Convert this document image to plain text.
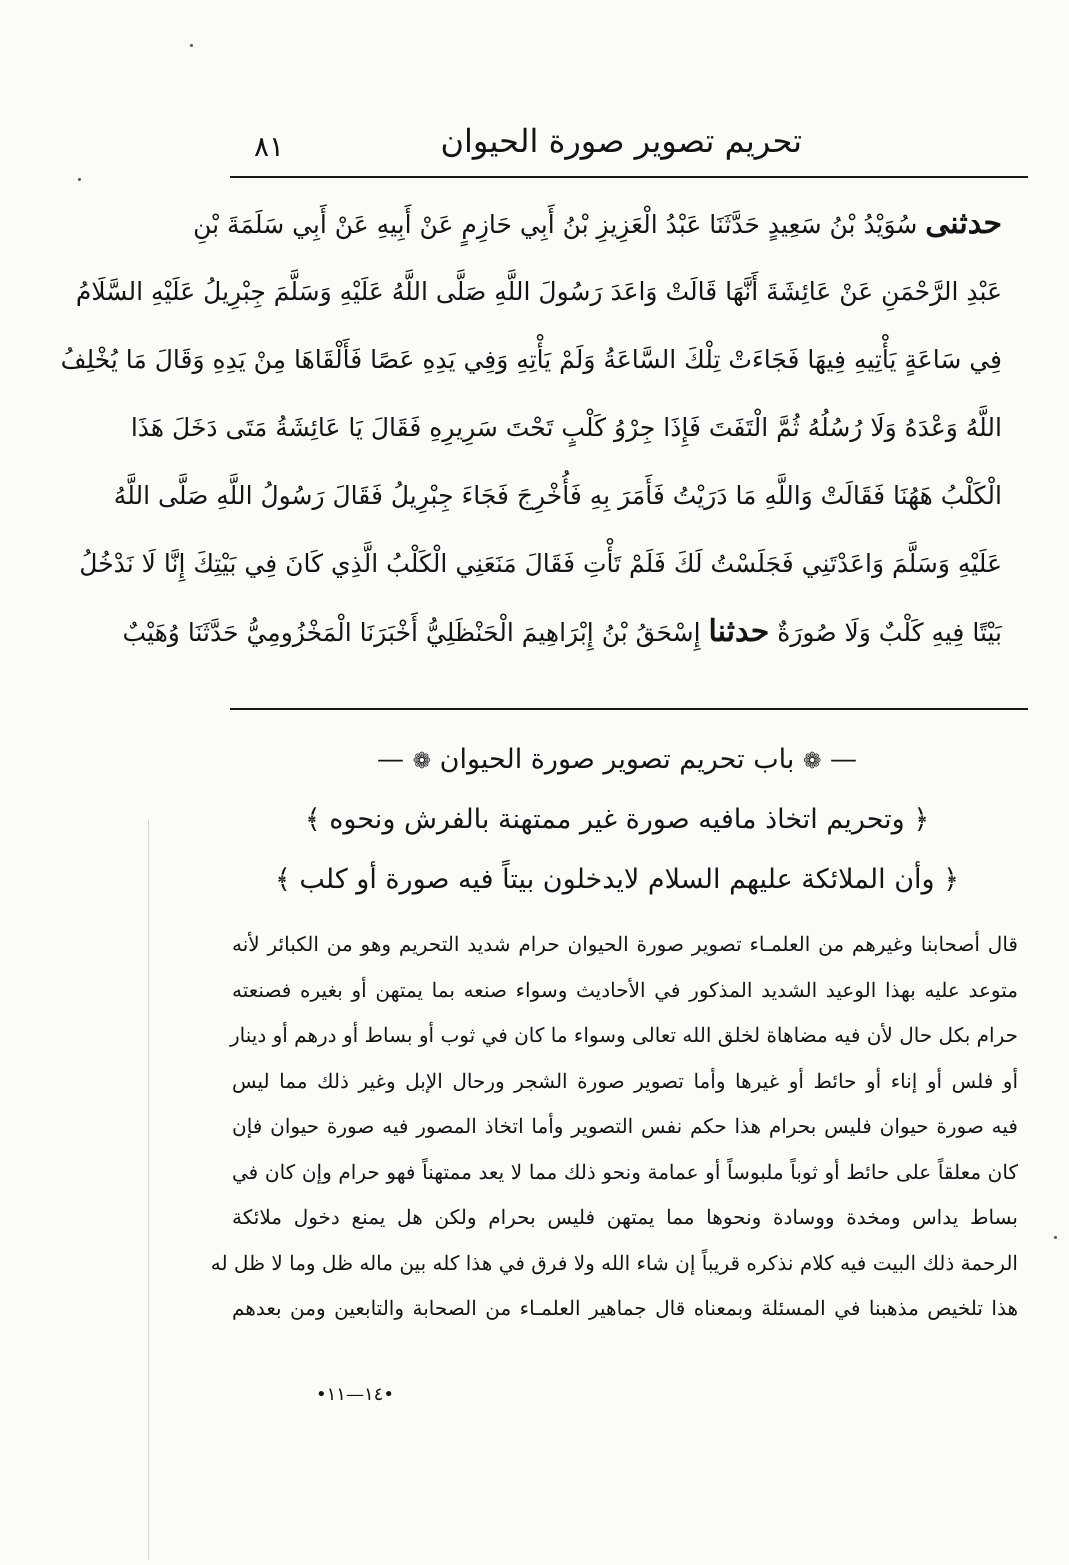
٨١	تحريم تصوير صورة الحيوان
حدثنى سُوَيْدُ بْنُ سَعِيدٍ حَدَّثَنَا عَبْدُ الْعَزِيزِ بْنُ أَبِي حَازِمٍ عَنْ أَبِيهِ عَنْ أَبِي سَلَمَةَ بْنِ
عَبْدِ الرَّحْمَنِ عَنْ عَائِشَةَ أَنَّهَا قَالَتْ وَاعَدَ رَسُولَ اللَّهِ صَلَّى اللَّهُ عَلَيْهِ وَسَلَّمَ جِبْرِيلُ عَلَيْهِ السَّلَامُ
فِي سَاعَةٍ يَأْتِيهِ فِيهَا فَجَاءَتْ تِلْكَ السَّاعَةُ وَلَمْ يَأْتِهِ وَفِي يَدِهِ عَصًا فَأَلْقَاهَا مِنْ يَدِهِ وَقَالَ مَا يُخْلِفُ
اللَّهُ وَعْدَهُ وَلَا رُسُلُهُ ثُمَّ الْتَفَتَ فَإِذَا جِرْوُ كَلْبٍ تَحْتَ سَرِيرِهِ فَقَالَ يَا عَائِشَةُ مَتَى دَخَلَ هَذَا
الْكَلْبُ هَهُنَا فَقَالَتْ وَاللَّهِ مَا دَرَيْتُ فَأَمَرَ بِهِ فَأُخْرِجَ فَجَاءَ جِبْرِيلُ فَقَالَ رَسُولُ اللَّهِ صَلَّى اللَّهُ
عَلَيْهِ وَسَلَّمَ وَاعَدْتَنِي فَجَلَسْتُ لَكَ فَلَمْ تَأْتِ فَقَالَ مَنَعَنِي الْكَلْبُ الَّذِي كَانَ فِي بَيْتِكَ إِنَّا لَا نَدْخُلُ
بَيْتًا فِيهِ كَلْبٌ وَلَا صُورَةٌ حدثنا إِسْحَقُ بْنُ إِبْرَاهِيمَ الْحَنْظَلِيُّ أَخْبَرَنَا الْمَخْزُومِيُّ حَدَّثَنَا وُهَيْبٌ
— ❁ باب تحريم تصوير صورة الحيوان ❁ —
﴿ وتحريم اتخاذ مافيه صورة غير ممتهنة بالفرش ونحوه ﴾
﴿ وأن الملائكة عليهم السلام لايدخلون بيتاً فيه صورة أو كلب ﴾
قال أصحابنا وغيرهم من العلمـاء تصوير صورة الحيوان حرام شديد التحريم وهو من الكبائر لأنه
متوعد عليه بهذا الوعيد الشديد المذكور في الأحاديث وسواء صنعه بما يمتهن أو بغيره فصنعته
حرام بكل حال لأن فيه مضاهاة لخلق الله تعالى وسواء ما كان في ثوب أو بساط أو درهم أو دينار
أو فلس أو إناء أو حائط أو غيرها وأما تصوير صورة الشجر ورحال الإبل وغير ذلك مما ليس
فيه صورة حيوان فليس بحرام هذا حكم نفس التصوير وأما اتخاذ المصور فيه صورة حيوان فإن
كان معلقاً على حائط أو ثوباً ملبوساً أو عمامة ونحو ذلك مما لا يعد ممتهناً فهو حرام وإن كان في
بساط يداس ومخدة ووسادة ونحوها مما يمتهن فليس بحرام ولكن هل يمنع دخول ملائكة
الرحمة ذلك البيت فيه كلام نذكره قريباً إن شاء الله ولا فرق في هذا كله بين ماله ظل وما لا ظل له
هذا تلخيص مذهبنا في المسئلة وبمعناه قال جماهير العلمـاء من الصحابة والتابعين ومن بعدهم
•١٤—١١•
